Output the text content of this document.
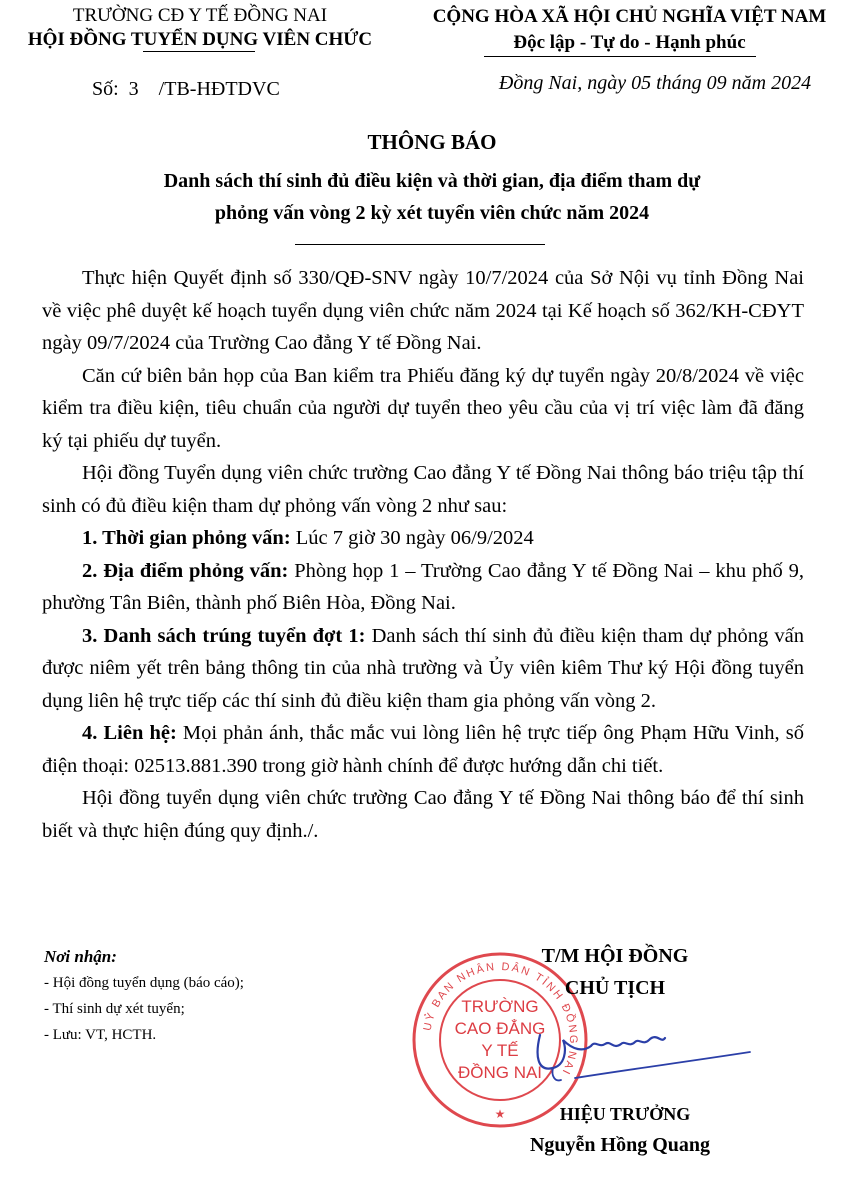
TRƯỜNG CĐ Y TẾ ĐỒNG NAI
HỘI ĐỒNG TUYỂN DỤNG VIÊN CHỨC
CỘNG HÒA XÃ HỘI CHỦ NGHĨA VIỆT NAM
Độc lập - Tự do - Hạnh phúc
Số:  3    /TB-HĐTDVC	Đồng Nai, ngày 05 tháng 09 năm 2024
THÔNG BÁO
Danh sách thí sinh đủ điều kiện và thời gian, địa điểm tham dự
phỏng vấn vòng 2 kỳ xét tuyển viên chức năm 2024

Thực hiện Quyết định số 330/QĐ-SNV ngày 10/7/2024 của Sở Nội vụ tỉnh Đồng Nai về việc phê duyệt kế hoạch tuyển dụng viên chức năm 2024 tại Kế hoạch số 362/KH-CĐYT ngày 09/7/2024 của Trường Cao đẳng Y tế Đồng Nai.

Căn cứ biên bản họp của Ban kiểm tra Phiếu đăng ký dự tuyển ngày 20/8/2024 về việc kiểm tra điều kiện, tiêu chuẩn của người dự tuyển theo yêu cầu của vị trí việc làm đã đăng ký tại phiếu dự tuyển.

Hội đồng Tuyển dụng viên chức trường Cao đẳng Y tế Đồng Nai thông báo triệu tập thí sinh có đủ điều kiện tham dự phỏng vấn vòng 2 như sau:

1. Thời gian phỏng vấn: Lúc 7 giờ 30 ngày 06/9/2024

2. Địa điểm phỏng vấn: Phòng họp 1 – Trường Cao đẳng Y tế Đồng Nai – khu phố 9, phường Tân Biên, thành phố Biên Hòa, Đồng Nai.

3. Danh sách trúng tuyển đợt 1: Danh sách thí sinh đủ điều kiện tham dự phỏng vấn được niêm yết trên bảng thông tin của nhà trường và Ủy viên kiêm Thư ký Hội đồng tuyển dụng liên hệ trực tiếp các thí sinh đủ điều kiện tham gia phỏng vấn vòng 2.

4. Liên hệ: Mọi phản ánh, thắc mắc vui lòng liên hệ trực tiếp ông Phạm Hữu Vinh, số điện thoại: 02513.881.390 trong giờ hành chính để được hướng dẫn chi tiết.

Hội đồng tuyển dụng viên chức trường Cao đẳng Y tế Đồng Nai thông báo để thí sinh biết và thực hiện đúng quy định./.

Nơi nhận:
- Hội đồng tuyển dụng (báo cáo);
- Thí sinh dự xét tuyển;
- Lưu: VT, HCTH.
UỶ BAN NHÂN DÂN TỈNH ĐỒNG NAI
TRƯỜNG
CAO ĐẲNG
Y TẾ
ĐỒNG NAI
★
T/M HỘI ĐỒNG
CHỦ TỊCH
HIỆU TRƯỞNG
Nguyễn Hồng Quang
